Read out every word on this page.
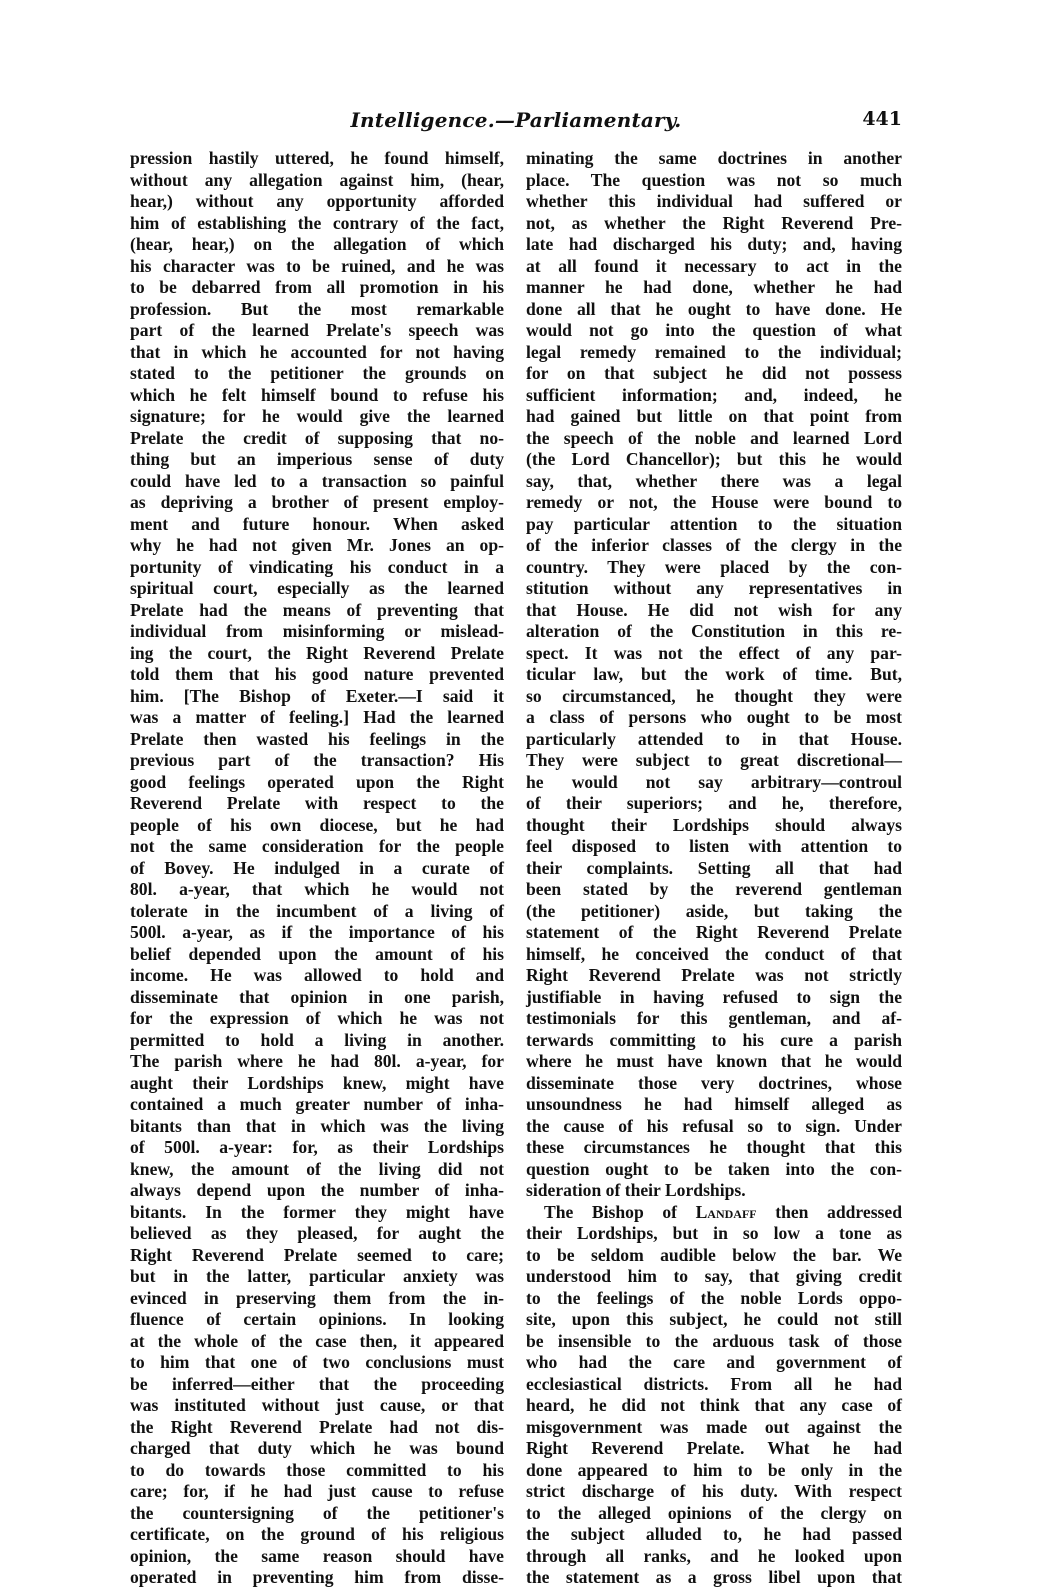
Intelligence.—Parliamentary.	441
pression hastily uttered, he found himself,
without any allegation against him, (hear,
hear,) without any opportunity afforded
him of establishing the contrary of the fact,
(hear, hear,) on the allegation of which
his character was to be ruined, and he was
to be debarred from all promotion in his
profession. But the most remarkable
part of the learned Prelate's speech was
that in which he accounted for not having
stated to the petitioner the grounds on
which he felt himself bound to refuse his
signature; for he would give the learned
Prelate the credit of supposing that no-
thing but an imperious sense of duty
could have led to a transaction so painful
as depriving a brother of present employ-
ment and future honour. When asked
why he had not given Mr. Jones an op-
portunity of vindicating his conduct in a
spiritual court, especially as the learned
Prelate had the means of preventing that
individual from misinforming or mislead-
ing the court, the Right Reverend Prelate
told them that his good nature prevented
him. [The Bishop of Exeter.—I said it
was a matter of feeling.] Had the learned
Prelate then wasted his feelings in the
previous part of the transaction? His
good feelings operated upon the Right
Reverend Prelate with respect to the
people of his own diocese, but he had
not the same consideration for the people
of Bovey. He indulged in a curate of
80l. a-year, that which he would not
tolerate in the incumbent of a living of
500l. a-year, as if the importance of his
belief depended upon the amount of his
income. He was allowed to hold and
disseminate that opinion in one parish,
for the expression of which he was not
permitted to hold a living in another.
The parish where he had 80l. a-year, for
aught their Lordships knew, might have
contained a much greater number of inha-
bitants than that in which was the living
of 500l. a-year: for, as their Lordships
knew, the amount of the living did not
always depend upon the number of inha-
bitants. In the former they might have
believed as they pleased, for aught the
Right Reverend Prelate seemed to care;
but in the latter, particular anxiety was
evinced in preserving them from the in-
fluence of certain opinions. In looking
at the whole of the case then, it appeared
to him that one of two conclusions must
be inferred—either that the proceeding
was instituted without just cause, or that
the Right Reverend Prelate had not dis-
charged that duty which he was bound
to do towards those committed to his
care; for, if he had just cause to refuse
the countersigning of the petitioner's
certificate, on the ground of his religious
opinion, the same reason should have
operated in preventing him from disse-
minating the same doctrines in another
place. The question was not so much
whether this individual had suffered or
not, as whether the Right Reverend Pre-
late had discharged his duty; and, having
at all found it necessary to act in the
manner he had done, whether he had
done all that he ought to have done. He
would not go into the question of what
legal remedy remained to the individual;
for on that subject he did not possess
sufficient information; and, indeed, he
had gained but little on that point from
the speech of the noble and learned Lord
(the Lord Chancellor); but this he would
say, that, whether there was a legal
remedy or not, the House were bound to
pay particular attention to the situation
of the inferior classes of the clergy in the
country. They were placed by the con-
stitution without any representatives in
that House. He did not wish for any
alteration of the Constitution in this re-
spect. It was not the effect of any par-
ticular law, but the work of time. But,
so circumstanced, he thought they were
a class of persons who ought to be most
particularly attended to in that House.
They were subject to great discretional—
he would not say arbitrary—controul
of their superiors; and he, therefore,
thought their Lordships should always
feel disposed to listen with attention to
their complaints. Setting all that had
been stated by the reverend gentleman
(the petitioner) aside, but taking the
statement of the Right Reverend Prelate
himself, he conceived the conduct of that
Right Reverend Prelate was not strictly
justifiable in having refused to sign the
testimonials for this gentleman, and af-
terwards committing to his cure a parish
where he must have known that he would
disseminate those very doctrines, whose
unsoundness he had himself alleged as
the cause of his refusal so to sign. Under
these circumstances he thought that this
question ought to be taken into the con-
sideration of their Lordships.
The Bishop of Landaff then addressed
their Lordships, but in so low a tone as
to be seldom audible below the bar. We
understood him to say, that giving credit
to the feelings of the noble Lords oppo-
site, upon this subject, he could not still
be insensible to the arduous task of those
who had the care and government of
ecclesiastical districts. From all he had
heard, he did not think that any case of
misgovernment was made out against the
Right Reverend Prelate. What he had
done appeared to him to be only in the
strict discharge of his duty. With respect
to the alleged opinions of the clergy on
the subject alluded to, he had passed
through all ranks, and he looked upon
the statement as a gross libel upon that
